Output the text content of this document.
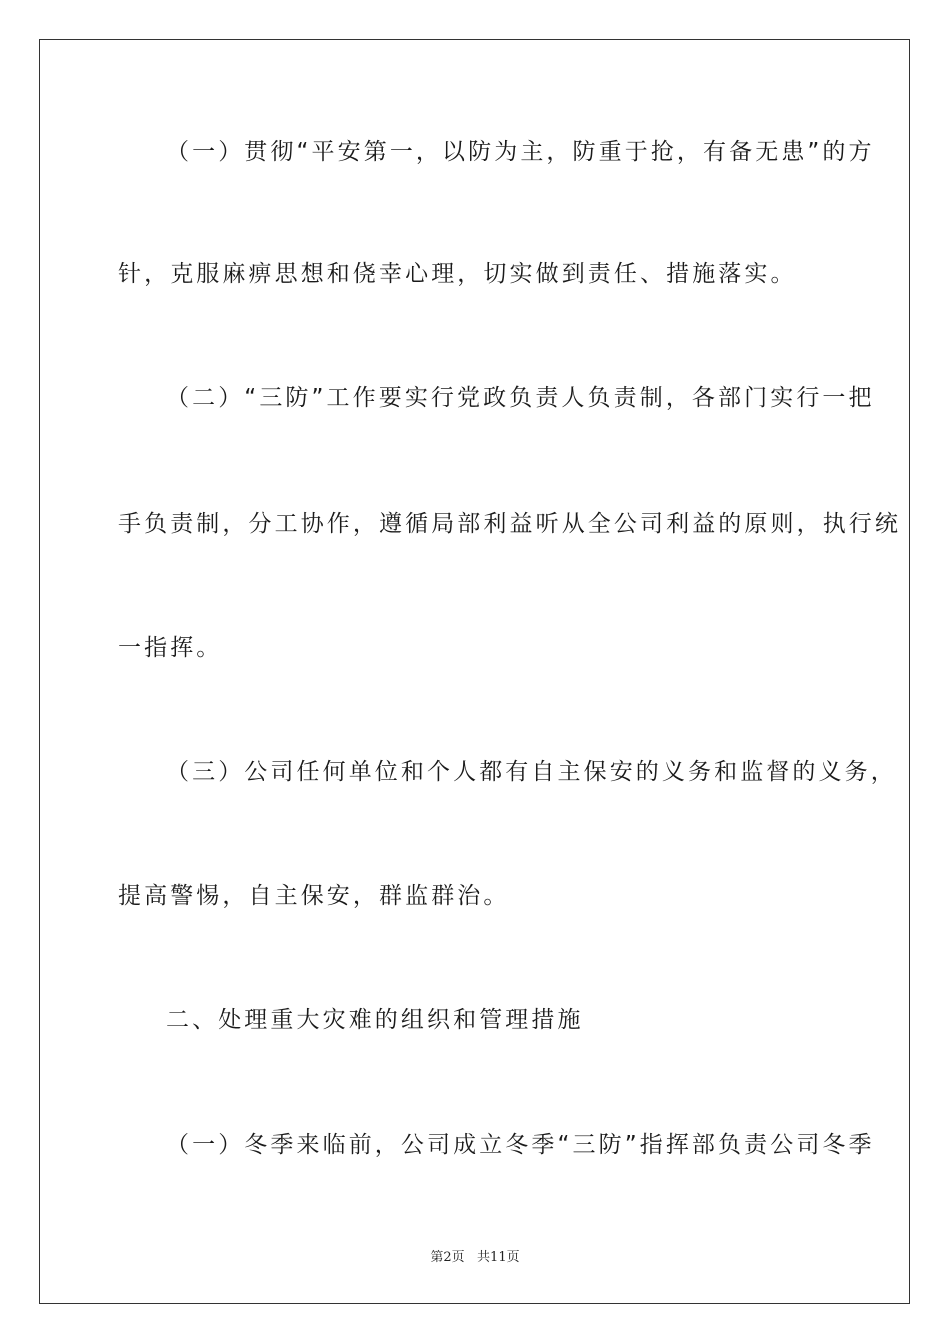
（一）贯彻“平安第一，以防为主，防重于抢，有备无患”的方
针，克服麻痹思想和侥幸心理，切实做到责任、措施落实。
（二）“三防”工作要实行党政负责人负责制，各部门实行一把
手负责制，分工协作，遵循局部利益听从全公司利益的原则，执行统
一指挥。
（三）公司任何单位和个人都有自主保安的义务和监督的义务，
提高警惕，自主保安，群监群治。
二、处理重大灾难的组织和管理措施
（一）冬季来临前，公司成立冬季“三防”指挥部负责公司冬季
第2页   共11页
